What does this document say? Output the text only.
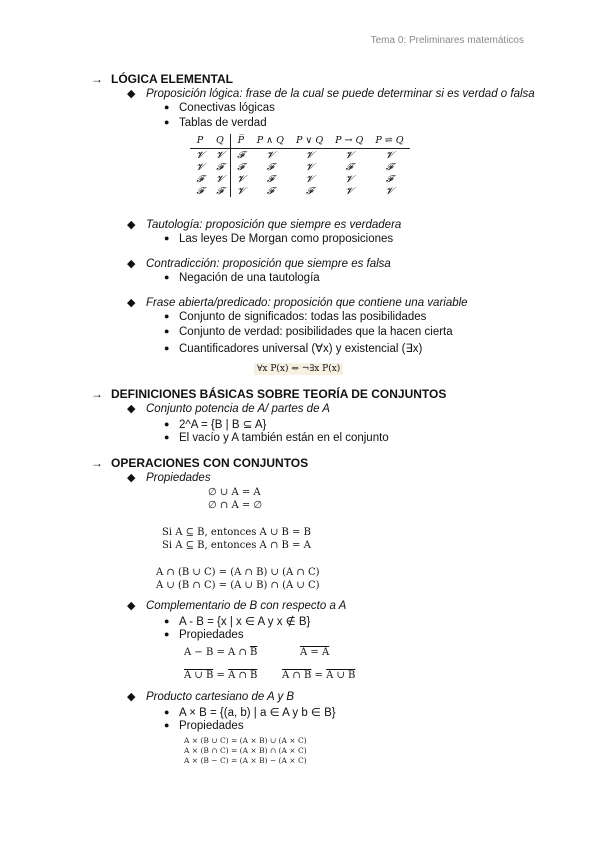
Tema 0: Preliminares matemáticos
→ LÓGICA ELEMENTAL
◆ Proposición lógica: frase de la cual se puede determinar si es verdad o falsa
● Conectivas lógicas
● Tablas de verdad
P	Q	P̅	P ∧ Q	P ∨ Q	P → Q	P ⇌ Q
𝓥	𝓥	𝓕	𝓥	𝓥	𝓥	𝓥
𝓥	𝓕	𝓕	𝓕	𝓥	𝓕	𝓕
𝓕	𝓥	𝓥	𝓕	𝓥	𝓥	𝓕
𝓕	𝓕	𝓥	𝓕	𝓕	𝓥	𝓥
◆ Tautología: proposición que siempre es verdadera
● Las leyes De Morgan como proposiciones
◆ Contradicción: proposición que siempre es falsa
● Negación de una tautología
◆ Frase abierta/predicado: proposición que contiene una variable
● Conjunto de significados: todas las posibilidades
● Conjunto de verdad: posibilidades que la hacen cierta
● Cuantificadores universal (∀x) y existencial (∃x)
∀x P(x) ⇔ ¬∃x P(x)
→ DEFINICIONES BÁSICAS SOBRE TEORÍA DE CONJUNTOS
◆ Conjunto potencia de A/ partes de A
● 2^A = {B | B ⊆ A}
● El vacío y A también están en el conjunto
→ OPERACIONES CON CONJUNTOS
◆ Propiedades
∅ ∪ A = A
∅ ∩ A = ∅
Si A ⊆ B, entonces A ∪ B = B
Si A ⊆ B, entonces A ∩ B = A
A ∩ (B ∪ C) = (A ∩ B) ∪ (A ∩ C)
A ∪ (B ∩ C) = (A ∪ B) ∩ (A ∪ C)
◆ Complementario de B con respecto a A
● A - B = {x | x ∈ A y x ∉ B}
● Propiedades
A − B = A ∩ $\overline{B}$	A = A
A ∪ B = A ∩ B A ∩ B = A ∪ B
◆ Producto cartesiano de A y B
● A × B = {(a, b) | a ∈ A y b ∈ B}
● Propiedades
A × (B ∪ C) = (A × B) ∪ (A × C)
A × (B ∩ C) = (A × B) ∩ (A × C)
A × (B − C) = (A × B) − (A × C)
